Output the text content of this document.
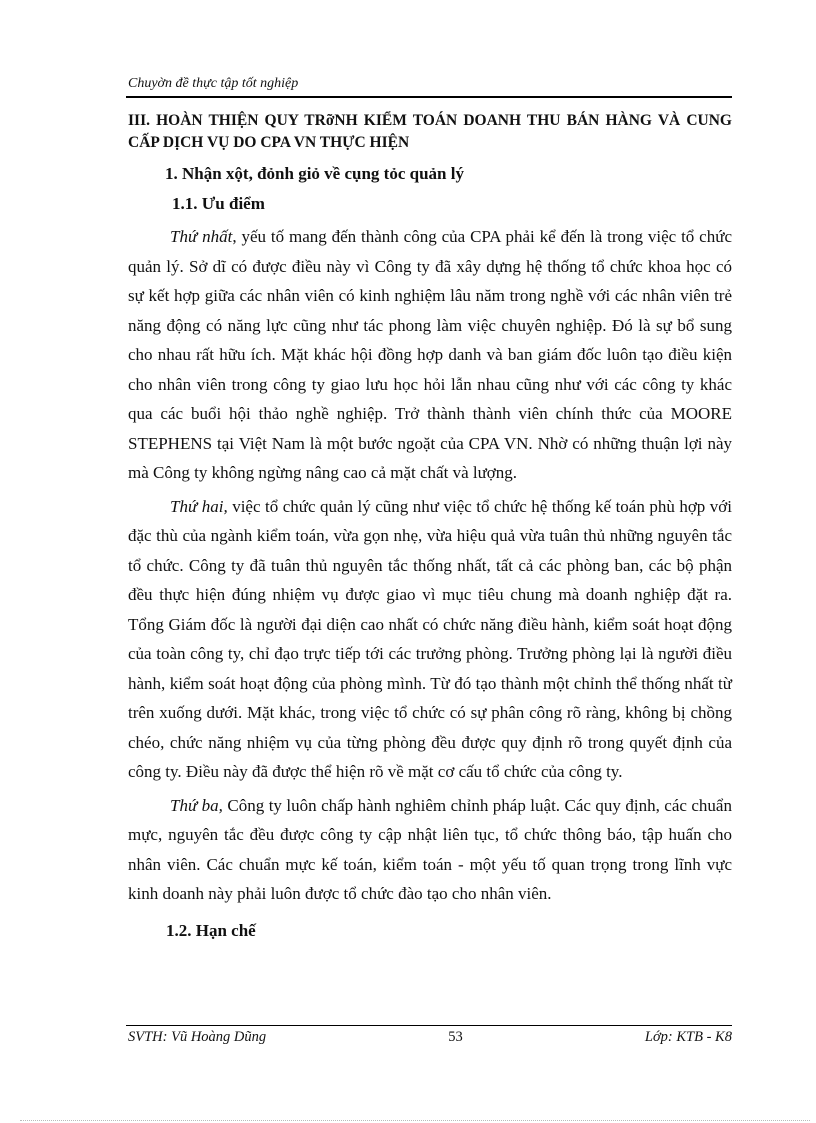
Chuyờn đề thực tập tốt nghiệp

III. HOÀN THIỆN QUY TRỡNH KIỂM TOÁN DOANH THU BÁN HÀNG VÀ CUNG CẤP DỊCH VỤ DO CPA VN THỰC HIỆN

1. Nhận xột, đỏnh giỏ về cụng tỏc quản lý

1.1. Ưu điểm

Thứ nhất, yếu tố mang đến thành công của CPA phải kể đến là trong việc tổ chức quản lý. Sở dĩ có được điều này vì Công ty đã xây dựng hệ thống tổ chức khoa học có sự kết hợp giữa các nhân viên có kinh nghiệm lâu năm trong nghề với các nhân viên trẻ năng động có năng lực cũng như tác phong làm việc chuyên nghiệp. Đó là sự bổ sung cho nhau rất hữu ích. Mặt khác hội đồng hợp danh và ban giám đốc luôn tạo điều kiện cho nhân viên trong công ty giao lưu học hỏi lẫn nhau cũng như với các công ty khác qua các buổi hội thảo nghề nghiệp. Trở thành thành viên chính thức của MOORE STEPHENS tại Việt Nam là một bước ngoặt của CPA VN. Nhờ có những thuận lợi này mà Công ty không ngừng nâng cao cả mặt chất và lượng.

Thứ hai, việc tổ chức quản lý cũng như việc tổ chức hệ thống kế toán phù hợp với đặc thù của ngành kiểm toán, vừa gọn nhẹ, vừa hiệu quả vừa tuân thủ những nguyên tắc tổ chức. Công ty đã tuân thủ nguyên tắc thống nhất, tất cả các phòng ban, các bộ phận đều thực hiện đúng nhiệm vụ được giao vì mục tiêu chung mà doanh nghiệp đặt ra. Tổng Giám đốc là người đại diện cao nhất có chức năng điều hành, kiểm soát hoạt động của toàn công ty, chỉ đạo trực tiếp tới các trưởng phòng. Trưởng phòng lại là người điều hành, kiểm soát hoạt động của phòng mình. Từ đó tạo thành một chỉnh thể thống nhất từ trên xuống dưới. Mặt khác, trong việc tổ chức có sự phân công rõ ràng, không bị chồng chéo, chức năng nhiệm vụ của từng phòng đều được quy định rõ trong quyết định của công ty. Điều này đã được thể hiện rõ về mặt cơ cấu tổ chức của công ty.

Thứ ba, Công ty luôn chấp hành nghiêm chỉnh pháp luật. Các quy định, các chuẩn mực, nguyên tắc đều được công ty cập nhật liên tục, tổ chức thông báo, tập huấn cho nhân viên. Các chuẩn mực kế toán, kiểm toán - một yếu tố quan trọng trong lĩnh vực kinh doanh này phải luôn được tổ chức đào tạo cho nhân viên.

1.2. Hạn chế

SVTH: Vũ Hoàng Dũng	53	Lớp: KTB - K8
